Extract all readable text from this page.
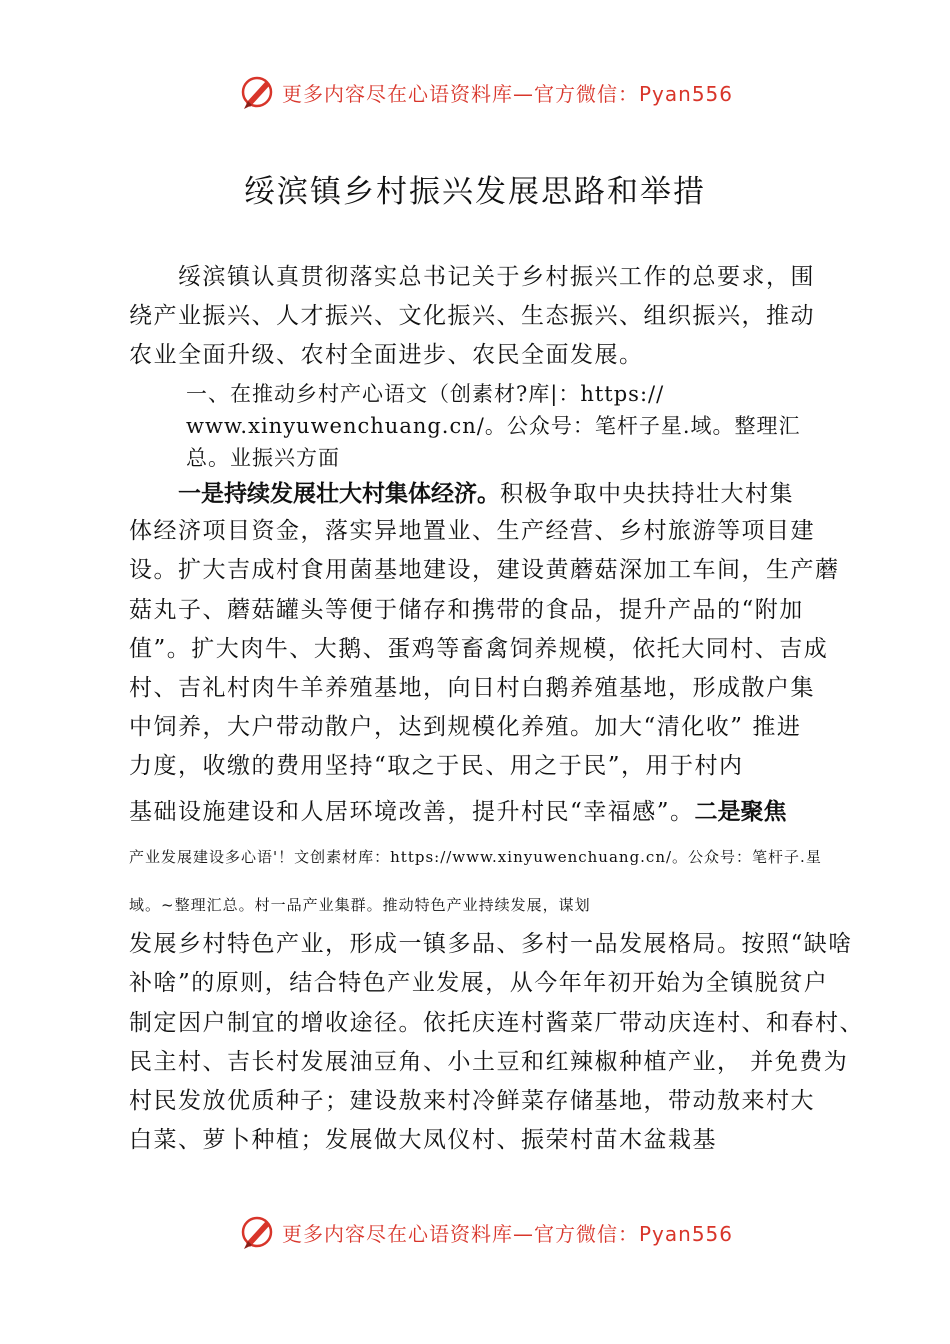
更多内容尽在心语资料库—官方微信：Pyan556
绥滨镇乡村振兴发展思路和举措
绥滨镇认真贯彻落实总书记关于乡村振兴工作的总要求，围
绕产业振兴、人才振兴、文化振兴、生态振兴、组织振兴，推动
农业全面升级、农村全面进步、农民全面发展。
一、在推动乡村产心语文（创素材?库|：https://
www.xinyuwenchuang.cn/。公众号：笔杆子星.域。整理汇
总。业振兴方面
一是持续发展壮大村集体经济。积极争取中央扶持壮大村集
体经济项目资金，落实异地置业、生产经营、乡村旅游等项目建
设。扩大吉成村食用菌基地建设，建设黄蘑菇深加工车间，生产蘑
菇丸子、蘑菇罐头等便于储存和携带的食品，提升产品的“附加
值”。扩大肉牛、大鹅、蛋鸡等畜禽饲养规模，依托大同村、吉成
村、吉礼村肉牛羊养殖基地，向日村白鹅养殖基地，形成散户集
中饲养，大户带动散户，达到规模化养殖。加大“清化收” 推进
力度，收缴的费用坚持“取之于民、用之于民”，用于村内
基础设施建设和人居环境改善，提升村民“幸福感”。二是聚焦
产业发展建设多心语'！文创素材库：https://www.xinyuwenchuang.cn/。公众号：笔杆子.星
域。~整理汇总。村一品产业集群。推动特色产业持续发展，谋划
发展乡村特色产业，形成一镇多品、多村一品发展格局。按照“缺啥
补啥”的原则，结合特色产业发展，从今年年初开始为全镇脱贫户
制定因户制宜的增收途径。依托庆连村酱菜厂带动庆连村、和春村、
民主村、吉长村发展油豆角、小土豆和红辣椒种植产业， 并免费为
村民发放优质种子；建设敖来村冷鲜菜存储基地，带动敖来村大
白菜、萝卜种植；发展做大凤仪村、振荣村苗木盆栽基
更多内容尽在心语资料库—官方微信：Pyan556
